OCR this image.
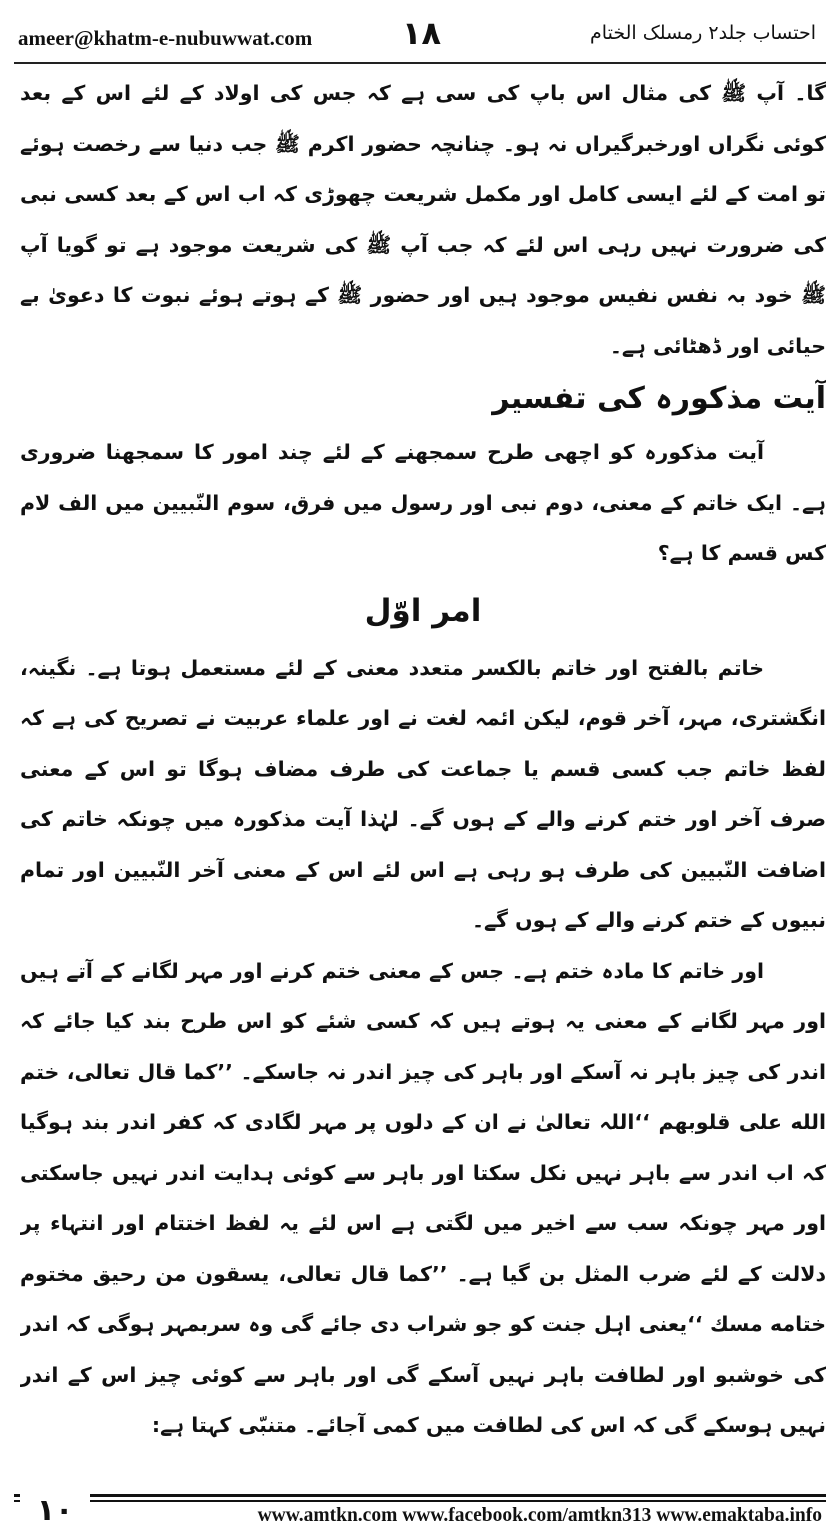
ameer@khatm-e-nubuwwat.com	۱۸	احتساب جلد۲ رمسلک الختام

گا۔ آپ ﷺ کی مثال اس باپ کی سی ہے کہ جس کی اولاد کے لئے اس کے بعد کوئی نگراں اورخبرگیراں نہ ہو۔ چنانچہ حضور اکرم ﷺ جب دنیا سے رخصت ہوئے تو امت کے لئے ایسی کامل اور مکمل شریعت چھوڑی کہ اب اس کے بعد کسی نبی کی ضرورت نہیں رہی اس لئے کہ جب آپ ﷺ کی شریعت موجود ہے تو گویا آپ ﷺ خود بہ نفس نفیس موجود ہیں اور حضور ﷺ کے ہوتے ہوئے نبوت کا دعویٰ بے حیائی اور ڈھٹائی ہے۔

آیت مذکورہ کی تفسیر

آیت مذکورہ کو اچھی طرح سمجھنے کے لئے چند امور کا سمجھنا ضروری ہے۔ ایک خاتم کے معنی، دوم نبی اور رسول میں فرق، سوم النّبیین میں الف لام کس قسم کا ہے؟

امر اوّل

خاتم بالفتح اور خاتم بالکسر متعدد معنی کے لئے مستعمل ہوتا ہے۔ نگینہ، انگشتری، مہر، آخر قوم، لیکن ائمہ لغت نے اور علماء عربیت نے تصریح کی ہے کہ لفظ خاتم جب کسی قسم یا جماعت کی طرف مضاف ہوگا تو اس کے معنی صرف آخر اور ختم کرنے والے کے ہوں گے۔ لہٰذا آیت مذکورہ میں چونکہ خاتم کی اضافت النّبیین کی طرف ہو رہی ہے اس لئے اس کے معنی آخر النّبیین اور تمام نبیوں کے ختم کرنے والے کے ہوں گے۔

اور خاتم کا مادہ ختم ہے۔ جس کے معنی ختم کرنے اور مہر لگانے کے آتے ہیں اور مہر لگانے کے معنی یہ ہوتے ہیں کہ کسی شئے کو اس طرح بند کیا جائے کہ اندر کی چیز باہر نہ آسکے اور باہر کی چیز اندر نہ جاسکے۔ ’’كما قال تعالى، ختم الله على قلوبهم ‘‘اللہ تعالیٰ نے ان کے دلوں پر مہر لگادی کہ کفر اندر بند ہوگیا کہ اب اندر سے باہر نہیں نکل سکتا اور باہر سے کوئی ہدایت اندر نہیں جاسکتی اور مہر چونکہ سب سے اخیر میں لگتی ہے اس لئے یہ لفظ اختتام اور انتہاء پر دلالت کے لئے ضرب المثل بن گیا ہے۔ ’’كما قال تعالى، يسقون من رحيق مختوم ختامه مسك ‘‘یعنی اہل جنت کو جو شراب دی جائے گی وہ سربمہر ہوگی کہ اندر کی خوشبو اور لطافت باہر نہیں آسکے گی اور باہر سے کوئی چیز اس کے اندر نہیں ہوسکے گی کہ اس کی لطافت میں کمی آجائے۔ متنبّی کہتا ہے:

۱۰	www.amtkn.com www.facebook.com/amtkn313 www.emaktaba.info
